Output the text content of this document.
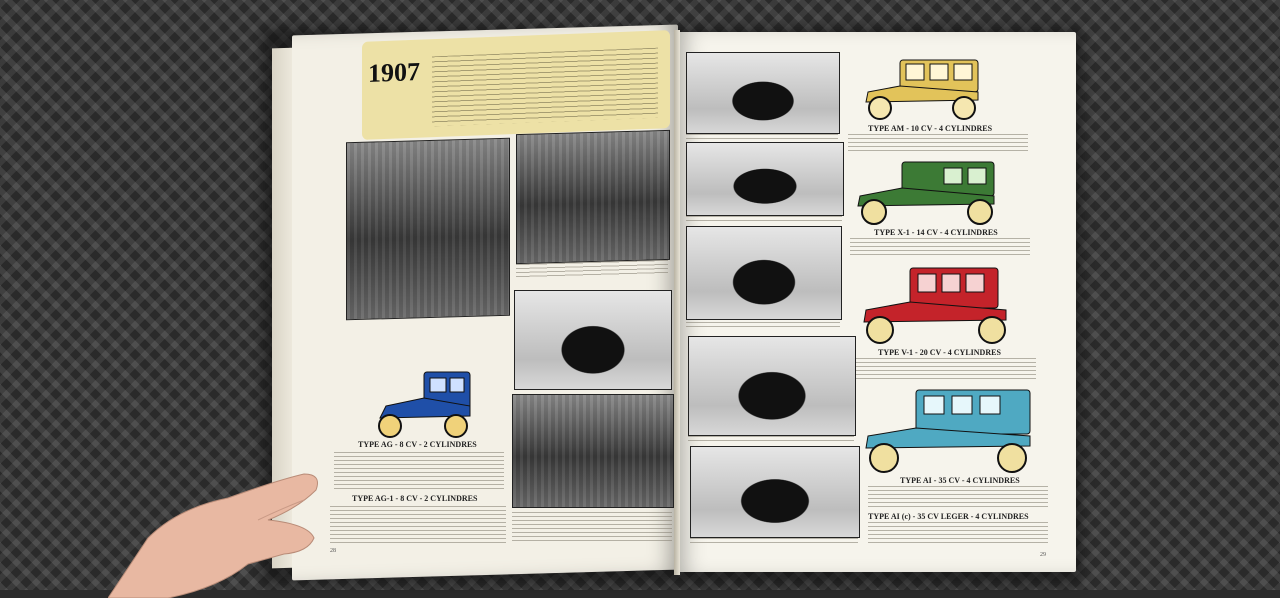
1907
TYPE AG - 8 CV - 2 CYLINDRES
TYPE AG-1 - 8 CV - 2 CYLINDRES
28
TYPE AM - 10 CV - 4 CYLINDRES
TYPE X-1 - 14 CV - 4 CYLINDRES
TYPE V-1 - 20 CV - 4 CYLINDRES
TYPE AI - 35 CV - 4 CYLINDRES
TYPE AI (c) - 35 CV LEGER - 4 CYLINDRES
29
